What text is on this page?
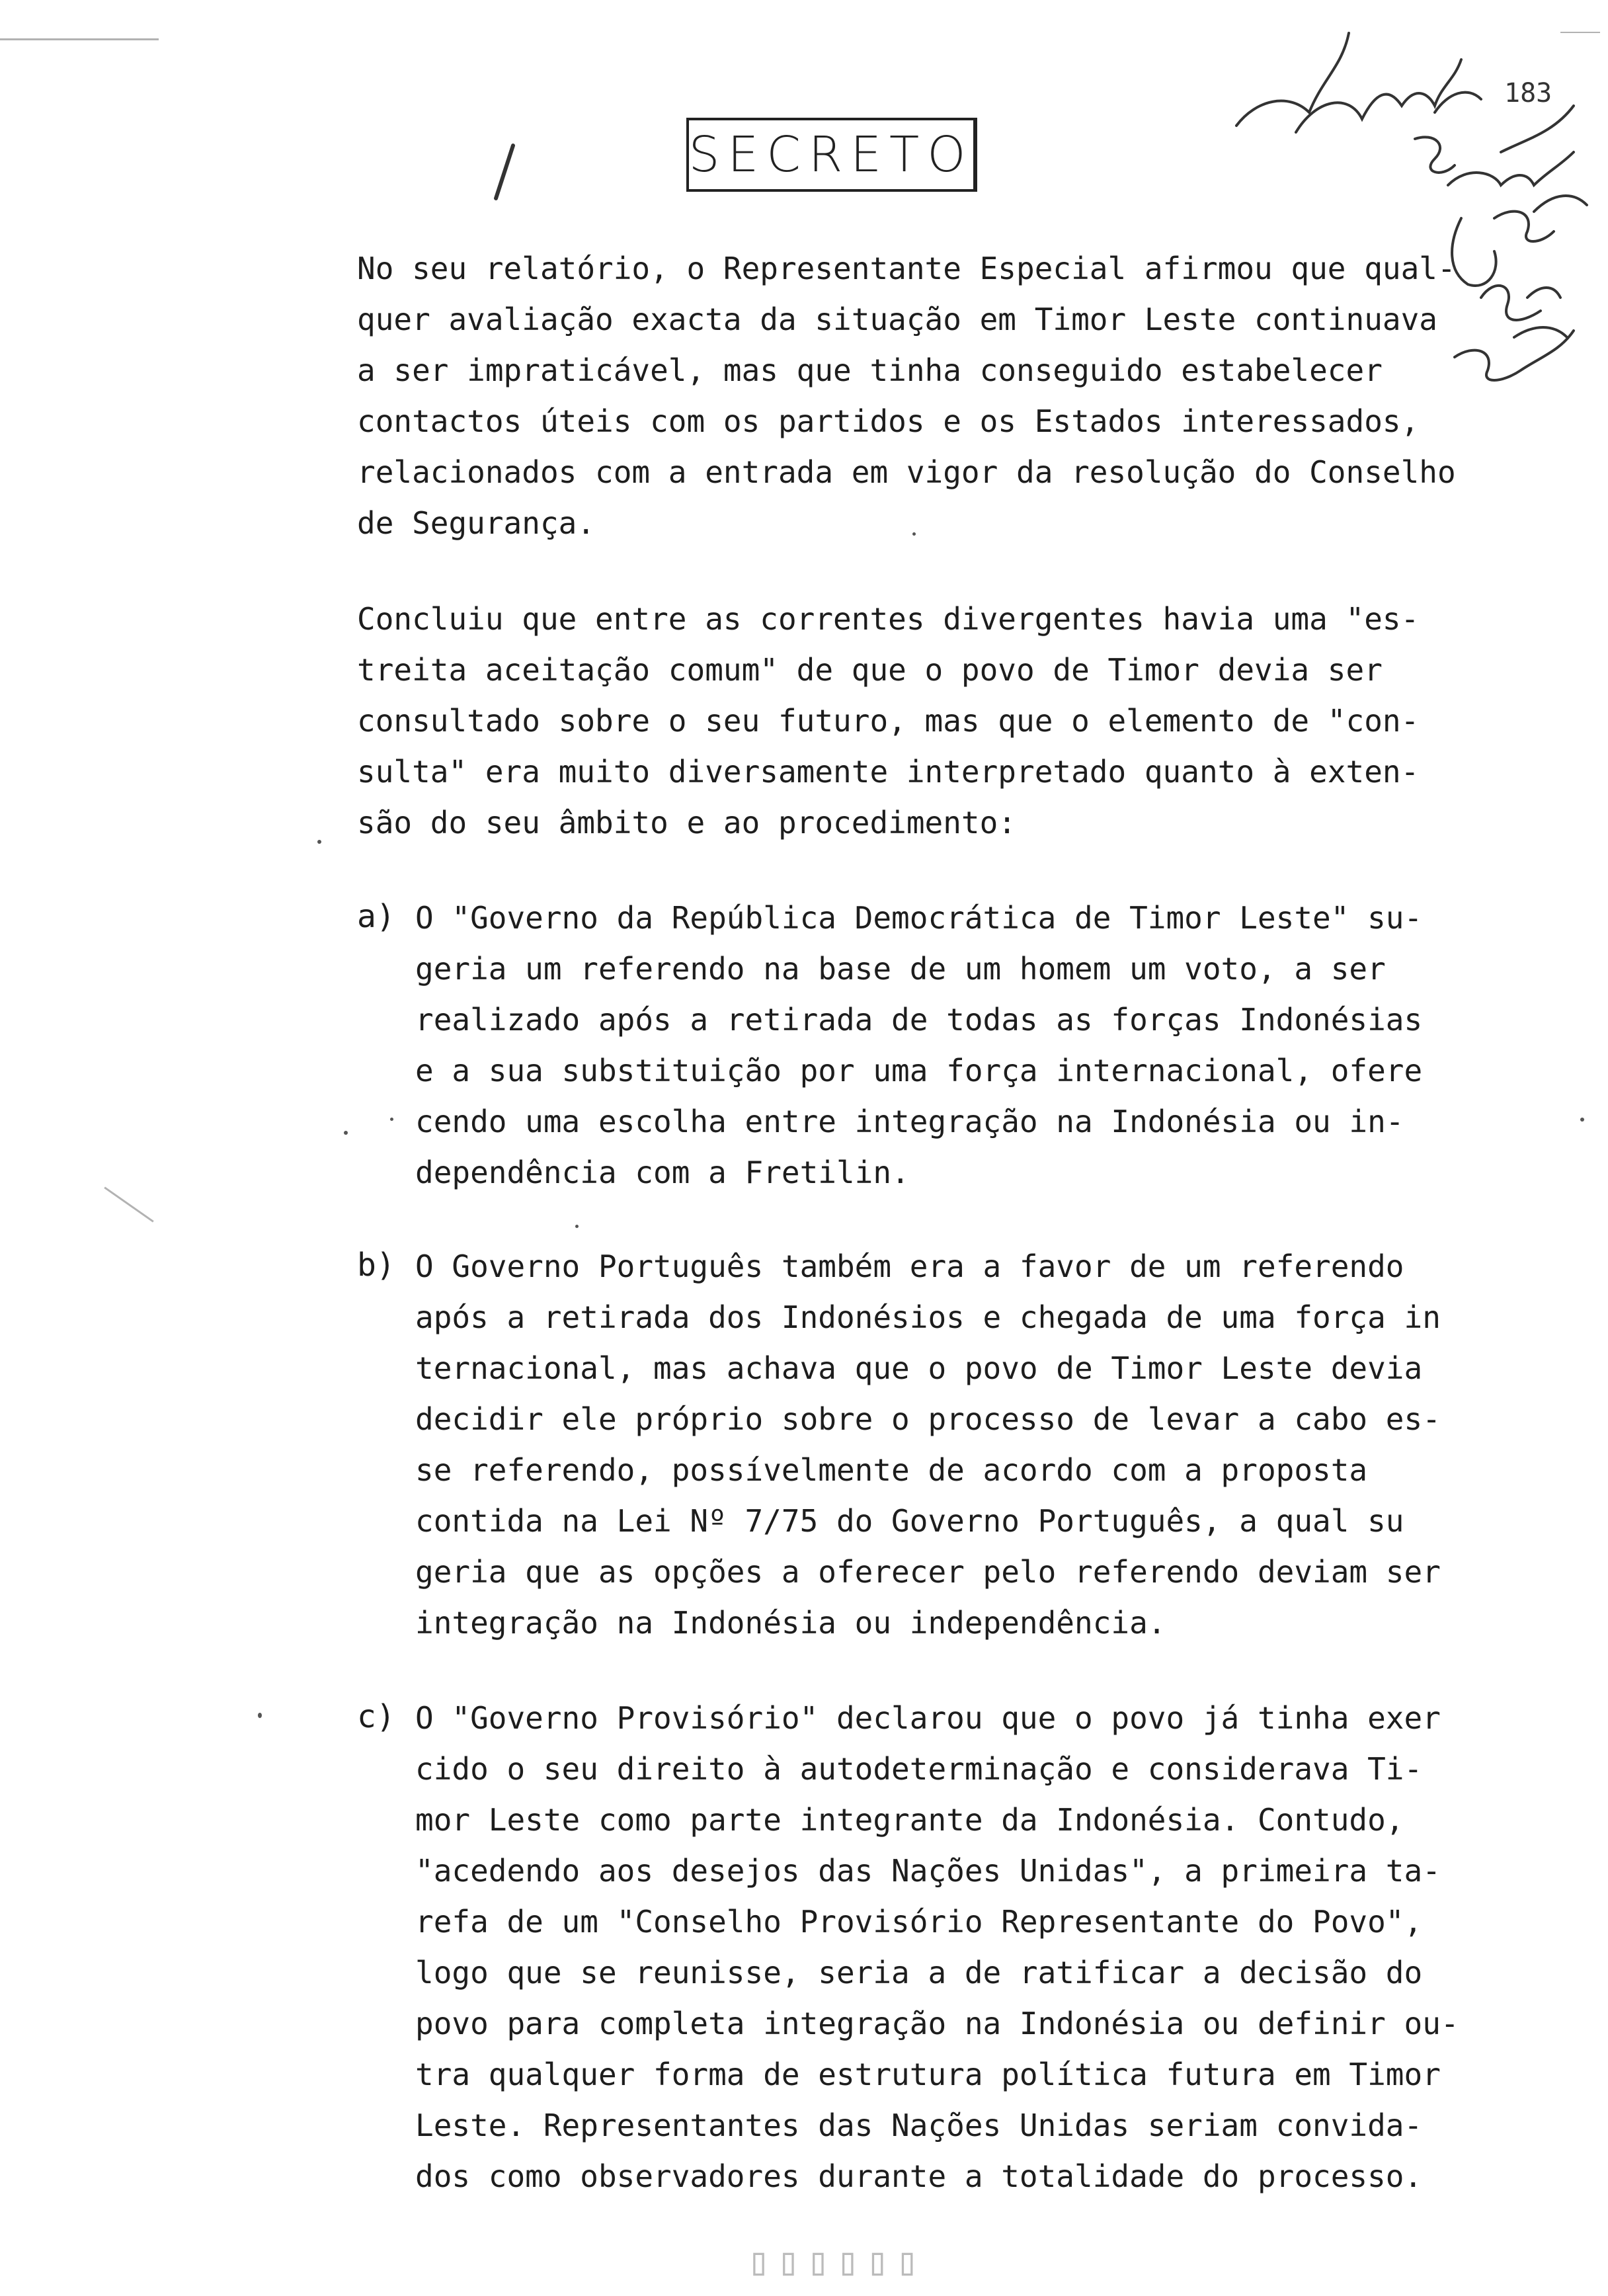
SECRETO
183
No seu relatório, o Representante Especial afirmou que qual-
quer avaliação exacta da situação em Timor Leste continuava
a ser impraticável, mas que tinha conseguido estabelecer
contactos úteis com os partidos e os Estados interessados,
relacionados com a entrada em vigor da resolução do Conselho
de Segurança.
Concluiu que entre as correntes divergentes havia uma "es-
treita aceitação comum" de que o povo de Timor devia ser
consultado sobre o seu futuro, mas que o elemento de "con-
sulta" era muito diversamente interpretado quanto à exten-
são do seu âmbito e ao procedimento:
a) O "Governo da República Democrática de Timor Leste" su-
geria um referendo na base de um homem um voto, a ser
realizado após a retirada de todas as forças Indonésias
e a sua substituição por uma força internacional, ofere
cendo uma escolha entre integração na Indonésia ou in-
dependência com a Fretilin.
b) O Governo Português também era a favor de um referendo
após a retirada dos Indonésios e chegada de uma força in
ternacional, mas achava que o povo de Timor Leste devia
decidir ele próprio sobre o processo de levar a cabo es-
se referendo, possívelmente de acordo com a proposta
contida na Lei Nº 7/75 do Governo Português, a qual su
geria que as opções a oferecer pelo referendo deviam ser
integração na Indonésia ou independência.
c) O "Governo Provisório" declarou que o povo já tinha exer
cido o seu direito à autodeterminação e considerava Ti-
mor Leste como parte integrante da Indonésia. Contudo,
"acedendo aos desejos das Nações Unidas", a primeira ta-
refa de um "Conselho Provisório Representante do Povo",
logo que se reunisse, seria a de ratificar a decisão do
povo para completa integração na Indonésia ou definir ou-
tra qualquer forma de estrutura política futura em Timor
Leste. Representantes das Nações Unidas seriam convida-
dos como observadores durante a totalidade do processo.
▯▯▯▯▯▯
